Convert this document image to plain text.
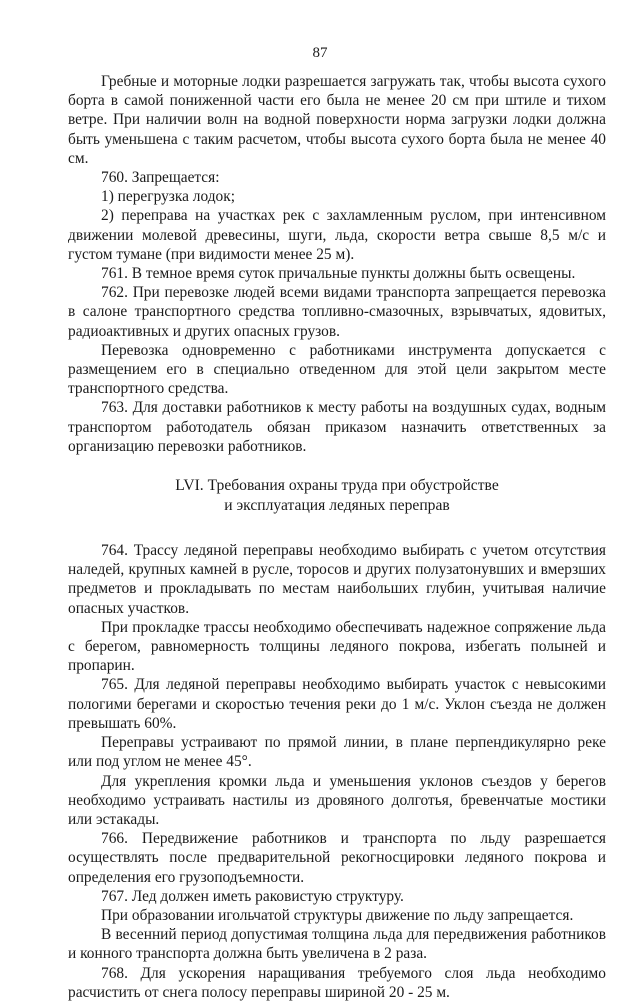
87

Гребные и моторные лодки разрешается загружать так, чтобы высота сухого борта в самой пониженной части его была не менее 20 см при штиле и тихом ветре. При наличии волн на водной поверхности норма загрузки лодки должна быть уменьшена с таким расчетом, чтобы высота сухого борта была не менее 40 см.

760. Запрещается:

1) перегрузка лодок;

2) переправа на участках рек с захламленным руслом, при интенсивном движении молевой древесины, шуги, льда, скорости ветра свыше 8,5 м/с и густом тумане (при видимости менее 25 м).

761. В темное время суток причальные пункты должны быть освещены.

762. При перевозке людей всеми видами транспорта запрещается перевозка в салоне транспортного средства топливно-смазочных, взрывчатых, ядовитых, радиоактивных и других опасных грузов.

Перевозка одновременно с работниками инструмента допускается с размещением его в специально отведенном для этой цели закрытом месте транспортного средства.

763. Для доставки работников к месту работы на воздушных судах, водным транспортом работодатель обязан приказом назначить ответственных за организацию перевозки работников.

LVI. Требования охраны труда при обустройстве
и эксплуатация ледяных переправ

764. Трассу ледяной переправы необходимо выбирать с учетом отсутствия наледей, крупных камней в русле, торосов и других полузатонувших и вмерзших предметов и прокладывать по местам наибольших глубин, учитывая наличие опасных участков.

При прокладке трассы необходимо обеспечивать надежное сопряжение льда с берегом, равномерность толщины ледяного покрова, избегать полыней и пропарин.

765. Для ледяной переправы необходимо выбирать участок с невысокими пологими берегами и скоростью течения реки до 1 м/с. Уклон съезда не должен превышать 60%.

Переправы устраивают по прямой линии, в плане перпендикулярно реке или под углом не менее 45°.

Для укрепления кромки льда и уменьшения уклонов съездов у берегов необходимо устраивать настилы из дровяного долготья, бревенчатые мостики или эстакады.

766. Передвижение работников и транспорта по льду разрешается осуществлять после предварительной рекогносцировки ледяного покрова и определения его грузоподъемности.

767. Лед должен иметь раковистую структуру.

При образовании игольчатой структуры движение по льду запрещается.

В весенний период допустимая толщина льда для передвижения работников и конного транспорта должна быть увеличена в 2 раза.

768. Для ускорения наращивания требуемого слоя льда необходимо расчистить от снега полосу переправы шириной 20 - 25 м.
